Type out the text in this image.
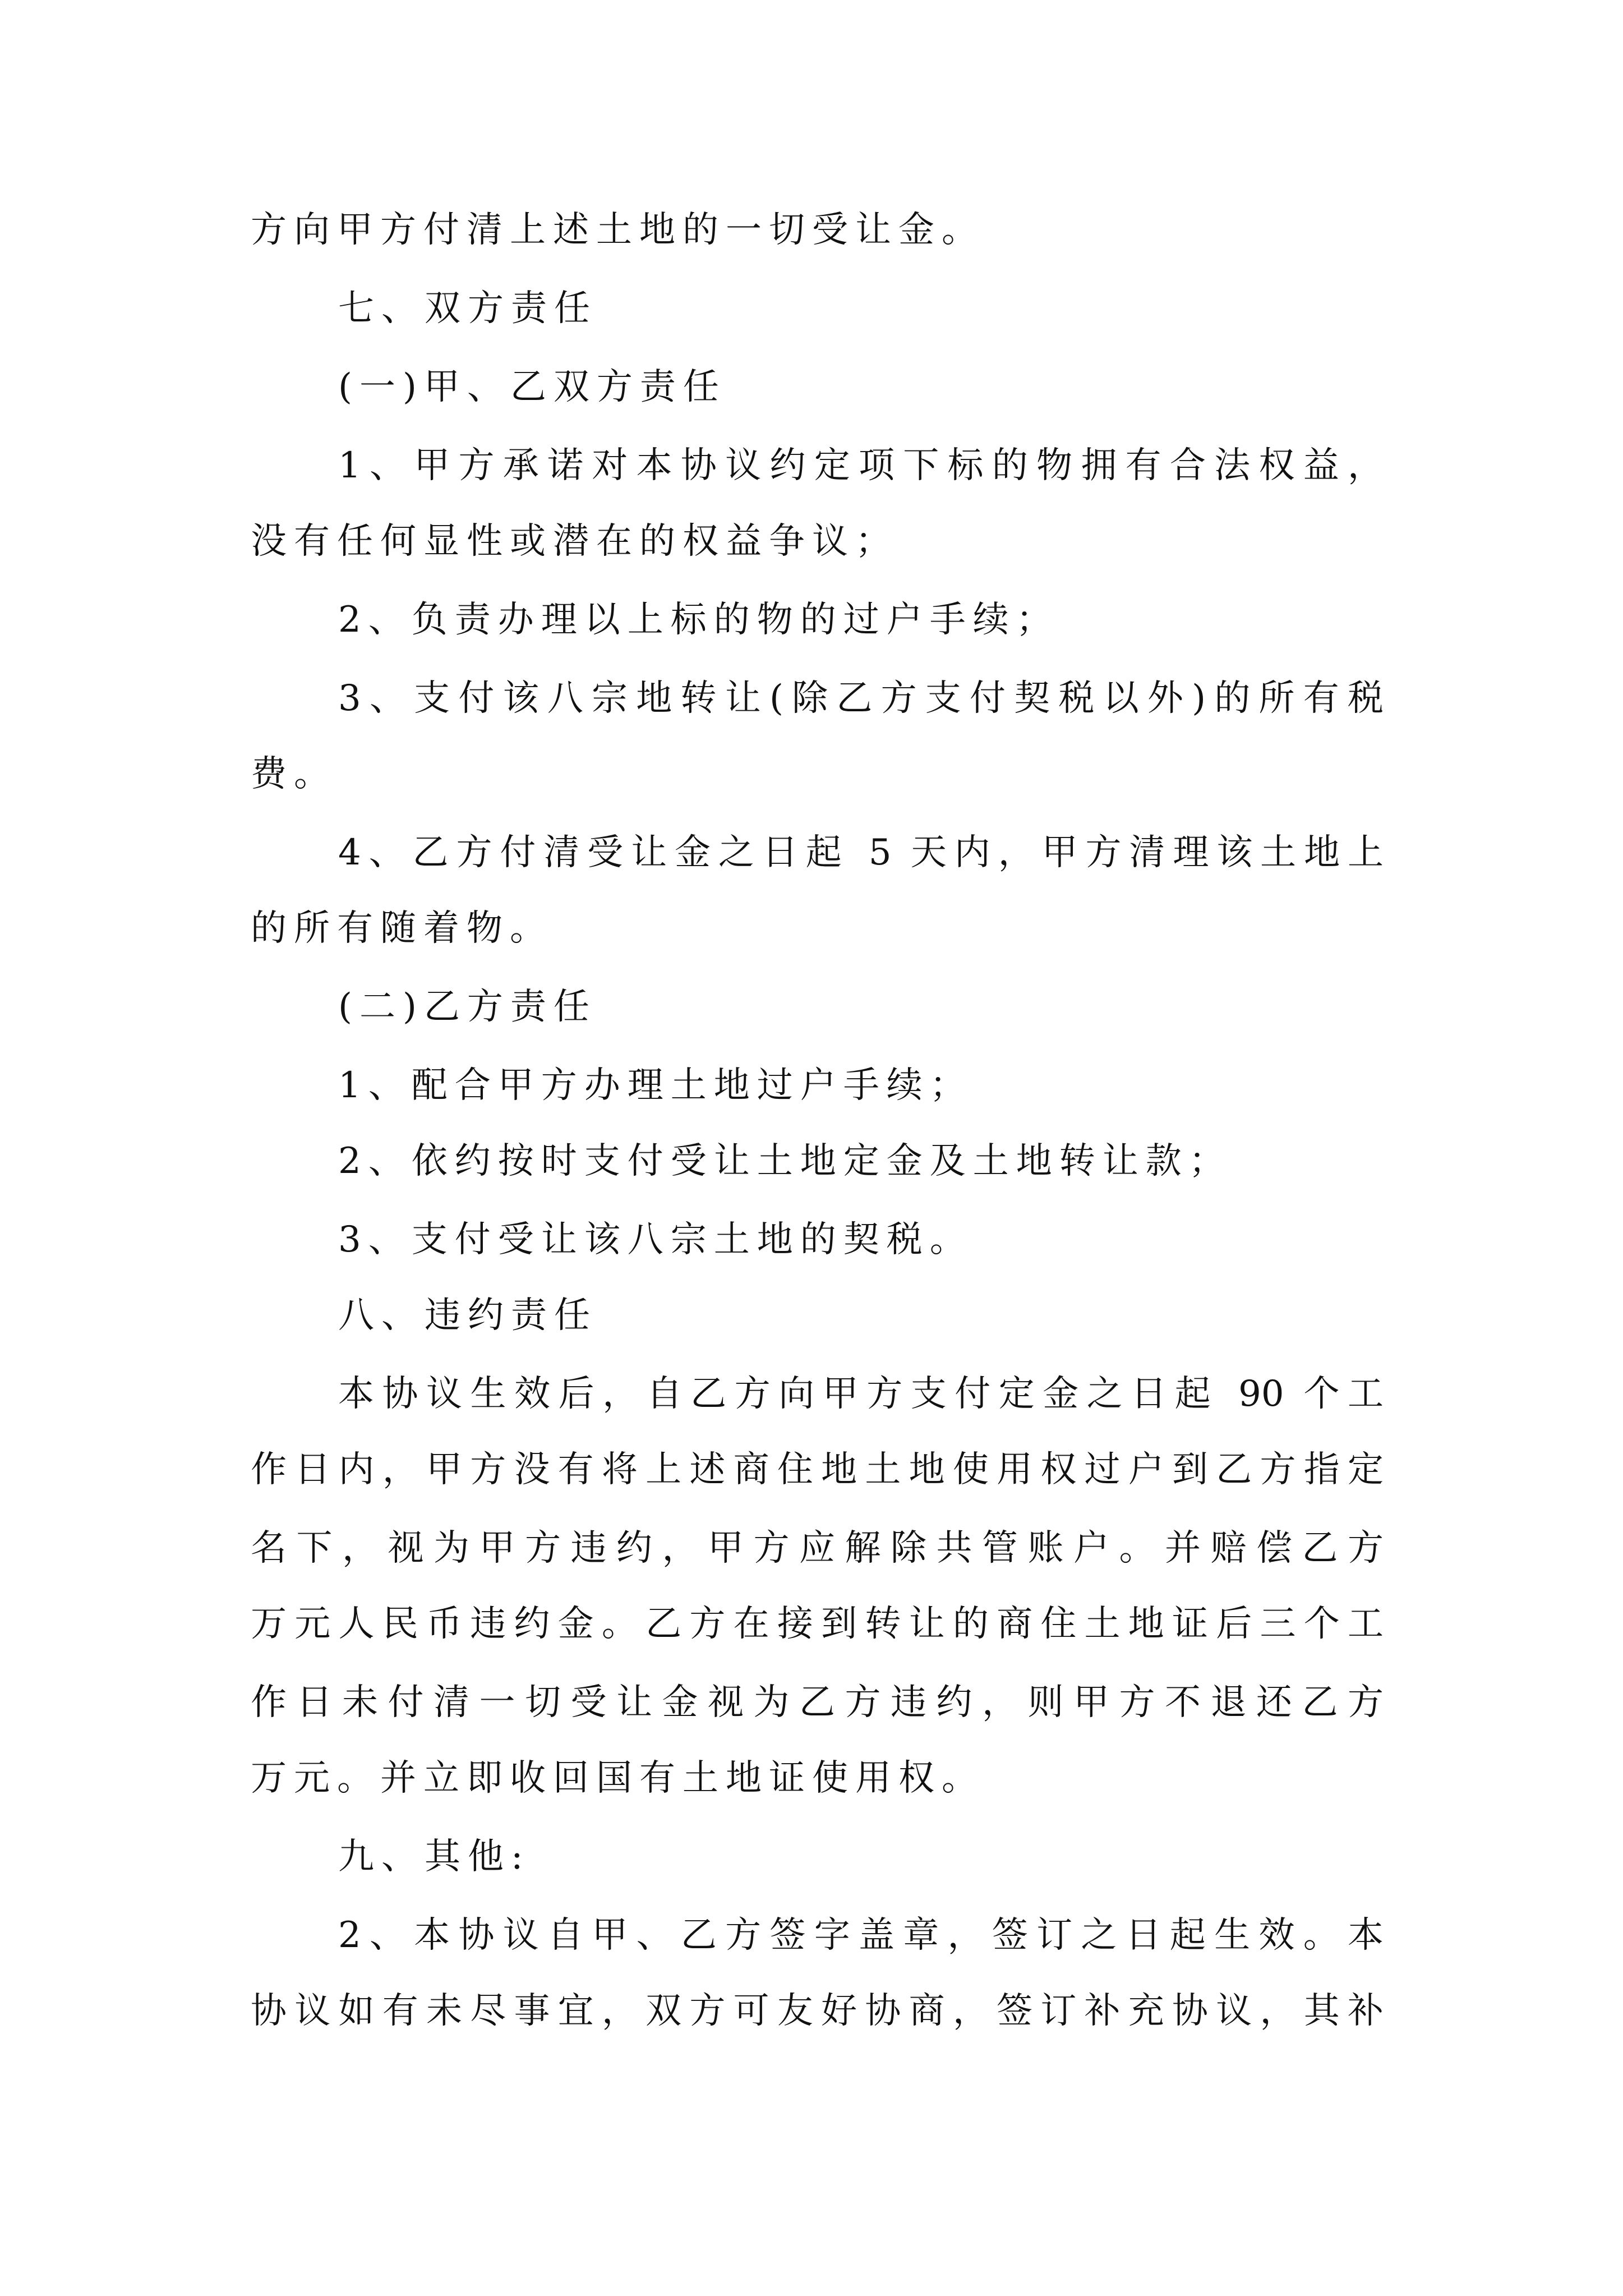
方向甲方付清上述土地的一切受让金。
七、双方责任
(一)甲、乙双方责任
1、甲方承诺对本协议约定项下标的物拥有合法权益，
没有任何显性或潜在的权益争议；
2、负责办理以上标的物的过户手续；
3、支付该八宗地转让(除乙方支付契税以外)的所有税
费。
4、乙方付清受让金之日起 5 天内，甲方清理该土地上
的所有随着物。
(二)乙方责任
1、配合甲方办理土地过户手续；
2、依约按时支付受让土地定金及土地转让款；
3、支付受让该八宗土地的契税。
八、违约责任
本协议生效后，自乙方向甲方支付定金之日起 90 个工
作日内，甲方没有将上述商住地土地使用权过户到乙方指定
名下，视为甲方违约，甲方应解除共管账户。并赔偿乙方
万元人民币违约金。乙方在接到转让的商住土地证后三个工
作日未付清一切受让金视为乙方违约，则甲方不退还乙方
万元。并立即收回国有土地证使用权。
九、其他:
2、本协议自甲、乙方签字盖章，签订之日起生效。本
协议如有未尽事宜，双方可友好协商，签订补充协议，其补
